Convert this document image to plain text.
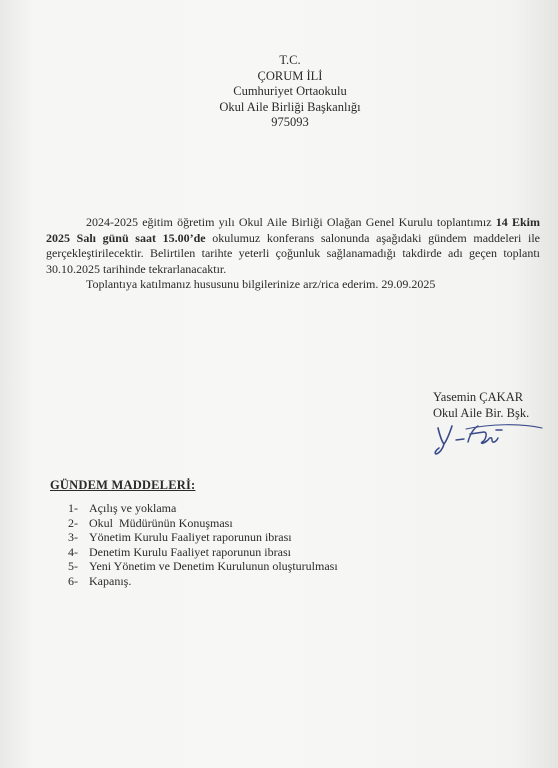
T.C.
ÇORUM İLİ
Cumhuriyet Ortaokulu
Okul Aile Birliği Başkanlığı
975093

2024-2025 eğitim öğretim yılı Okul Aile Birliği Olağan Genel Kurulu toplantımız 14 Ekim 2025 Salı günü saat 15.00’de okulumuz konferans salonunda aşağıdaki gündem maddeleri ile gerçekleştirilecektir. Belirtilen tarihte yeterli çoğunluk sağlanamadığı takdirde adı geçen toplantı 30.10.2025 tarihinde tekrarlanacaktır.

Toplantıya katılmanız hususunu bilgilerinize arz/rica ederim. 29.09.2025

Yasemin ÇAKAR
Okul Aile Bir. Bşk.
GÜNDEM MADDELERİ:
1- Açılış ve yoklama
2- Okul  Müdürünün Konuşması
3- Yönetim Kurulu Faaliyet raporunun ibrası
4- Denetim Kurulu Faaliyet raporunun ibrası
5- Yeni Yönetim ve Denetim Kurulunun oluşturulması
6- Kapanış.
